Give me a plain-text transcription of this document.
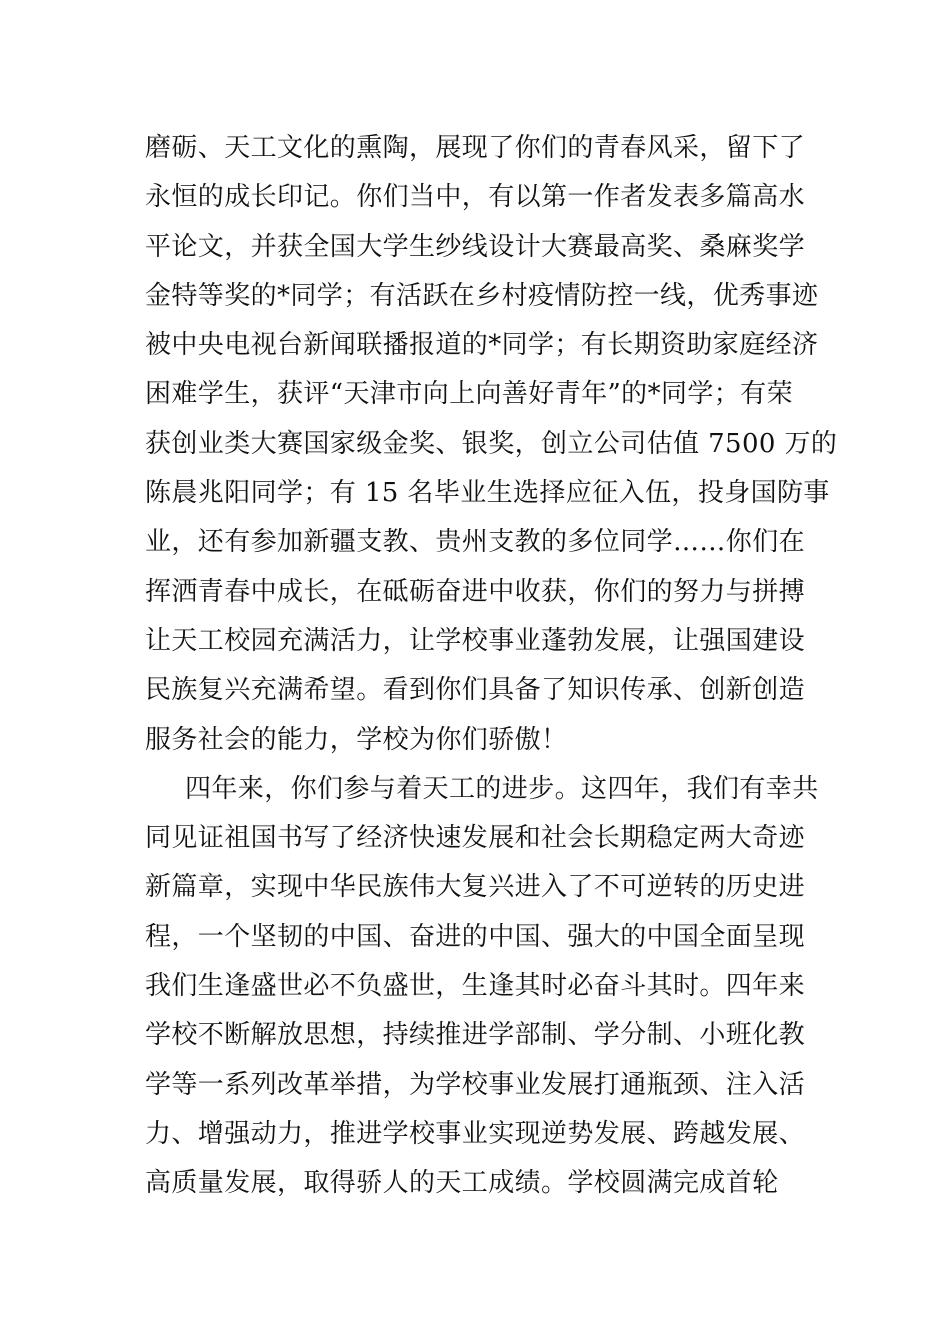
磨砺、天工文化的熏陶，展现了你们的青春风采，留下了
永恒的成长印记。你们当中，有以第一作者发表多篇高水
平论文，并获全国大学生纱线设计大赛最高奖、桑麻奖学
金特等奖的*同学；有活跃在乡村疫情防控一线，优秀事迹
被中央电视台新闻联播报道的*同学；有长期资助家庭经济
困难学生，获评“天津市向上向善好青年”的*同学；有荣
获创业类大赛国家级金奖、银奖，创立公司估值 7500 万的
陈晨兆阳同学；有 15 名毕业生选择应征入伍，投身国防事
业，还有参加新疆支教、贵州支教的多位同学……你们在
挥洒青春中成长，在砥砺奋进中收获，你们的努力与拼搏
让天工校园充满活力，让学校事业蓬勃发展，让强国建设
民族复兴充满希望。看到你们具备了知识传承、创新创造
服务社会的能力，学校为你们骄傲！
四年来，你们参与着天工的进步。这四年，我们有幸共
同见证祖国书写了经济快速发展和社会长期稳定两大奇迹
新篇章，实现中华民族伟大复兴进入了不可逆转的历史进
程，一个坚韧的中国、奋进的中国、强大的中国全面呈现
我们生逢盛世必不负盛世，生逢其时必奋斗其时。四年来
学校不断解放思想，持续推进学部制、学分制、小班化教
学等一系列改革举措，为学校事业发展打通瓶颈、注入活
力、增强动力，推进学校事业实现逆势发展、跨越发展、
高质量发展，取得骄人的天工成绩。学校圆满完成首轮
